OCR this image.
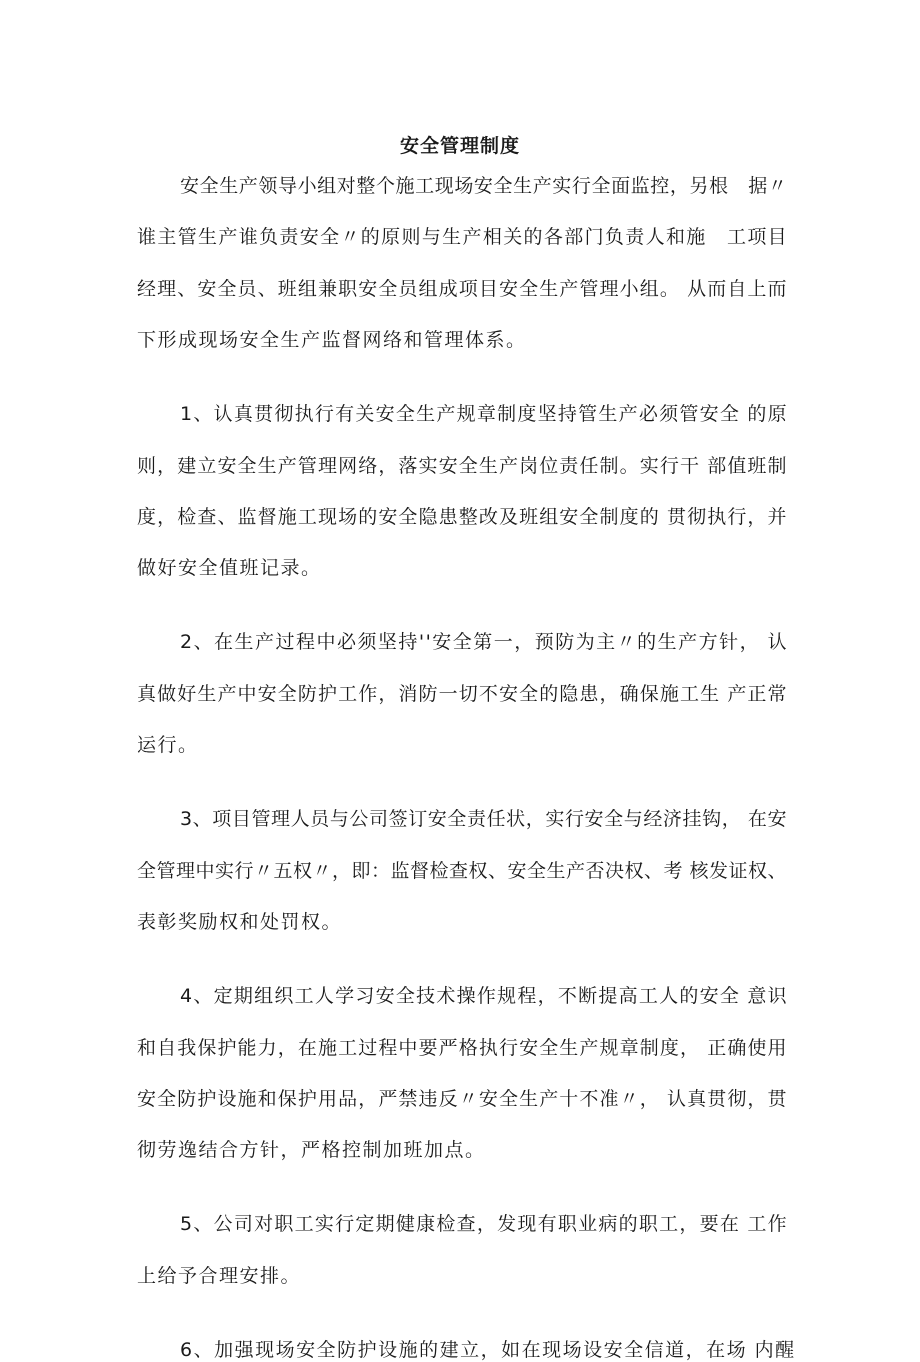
安全管理制度
安 全 生 产 领 导 小 组 对 整 个 施 工 现 场 安 全 生 产 实 行 全 面 监 控 ， 另 根
　 据 〃
谁 主 管 生 产 谁 负 责 安 全 〃 的 原 则 与 生 产 相 关 的 各 部 门 负 责 人 和 施
　 工 项 目
经 理 、 安 全 员 、 班 组 兼 职 安 全 员 组 成 项 目 安 全 生 产 管 理 小 组 。
从 而 自 上 而
下形成现场安全生产监督网络和管理体系。
1 、 认 真 贯 彻 执 行 有 关 安 全 生 产 规 章 制 度 坚 持 管 生 产 必 须 管 安 全
的 原
则 ， 建 立 安 全 生 产 管 理 网 络 ， 落 实 安 全 生 产 岗 位 责 任 制 。 实 行 干
部 值 班 制
度 ， 检 查 、 监 督 施 工 现 场 的 安 全 隐 患 整 改 及 班 组 安 全 制 度 的
贯 彻 执 行 ， 并
做好安全值班记录。
2 、 在 生 产 过 程 中 必 须 坚 持 ' ' 安 全 第 一 ， 预 防 为 主 〃 的 生 产 方 针 ，
认
真 做 好 生 产 中 安 全 防 护 工 作 ， 消 防 一 切 不 安 全 的 隐 患 ， 确 保 施 工 生
产 正 常
运行。
3 、 项 目 管 理 人 员 与 公 司 签 订 安 全 责 任 状 ， 实 行 安 全 与 经 济 挂 钩 ，
在 安
全 管 理 中 实 行 〃 五 权 〃 ， 即 ： 监 督 检 查 权 、 安 全 生 产 否 决 权 、 考
核 发 证 权 、
表彰奖励权和处罚权。
4 、 定 期 组 织 工 人 学 习 安 全 技 术 操 作 规 程 ， 不 断 提 高 工 人 的 安 全
意 识
和 自 我 保 护 能 力 ， 在 施 工 过 程 中 要 严 格 执 行 安 全 生 产 规 章 制 度 ，
正 确 使 用
安 全 防 护 设 施 和 保 护 用 品 ， 严 禁 违 反 〃 安 全 生 产 十 不 准 〃 ，
认 真 贯 彻 ， 贯
彻劳逸结合方针，严格控制加班加点。
5 、 公 司 对 职 工 实 行 定 期 健 康 检 查 ， 发 现 有 职 业 病 的 职 工 ， 要 在
工 作
上给予合理安排。
6、加强现场安全防护设施的建立，如在现场设安全信道，在场 内醒
